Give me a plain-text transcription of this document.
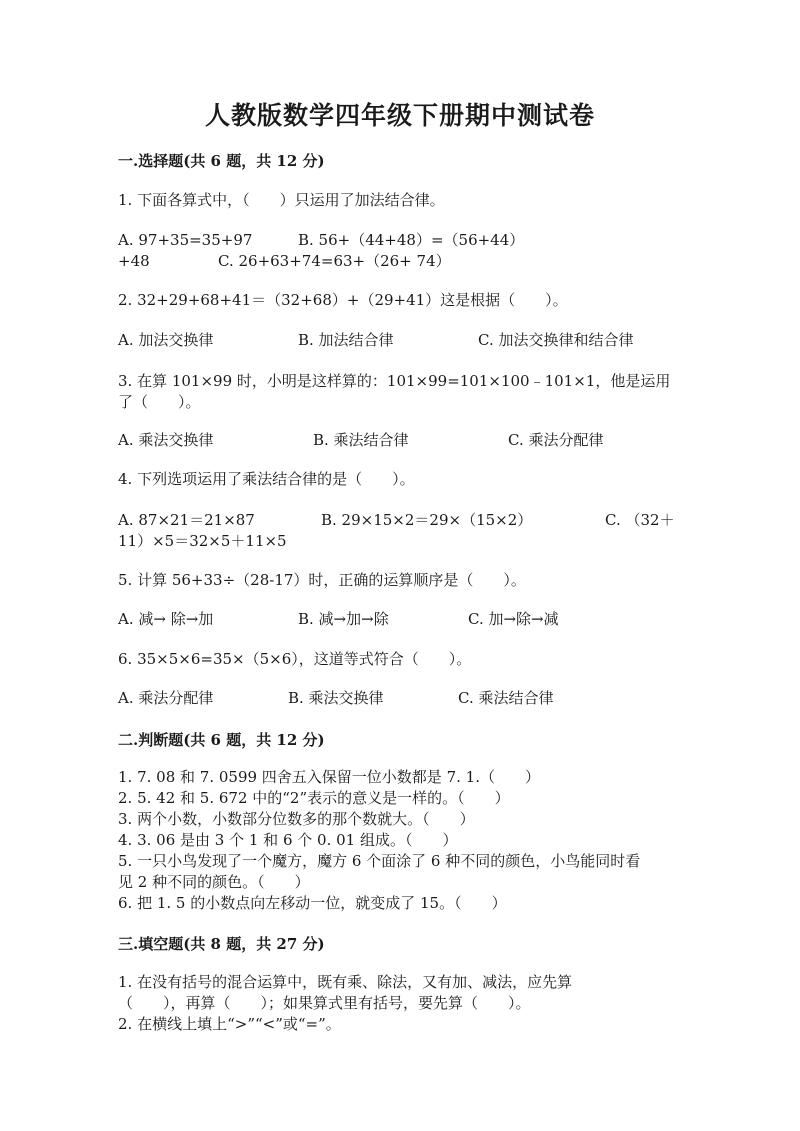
人教版数学四年级下册期中测试卷
一.选择题(共 6 题，共 12 分)
1. 下面各算式中，（　　）只运用了加法结合律。
A. 97+35=35+97	B. 56+（44+48）=（56+44）
+48	C. 26+63+74=63+（26+ 74）
2. 32+29+68+41＝（32+68）+（29+41）这是根据（　　）。
A. 加法交换律	B. 加法结合律	C. 加法交换律和结合律
3. 在算 101×99 时，小明是这样算的：101×99=101×100﹣101×1，他是运用
了（　　）。
A. 乘法交换律	B. 乘法结合律	C. 乘法分配律
4. 下列选项运用了乘法结合律的是（　　）。
A. 87×21＝21×87	B. 29×15×2＝29×（15×2）	C. （32＋
11）×5＝32×5＋11×5
5. 计算 56+33÷（28-17）时，正确的运算顺序是（　　）。
A. 减→ 除→加	B. 减→加→除	C. 加→除→减
6. 35×5×6=35×（5×6），这道等式符合（　　）。
A. 乘法分配律	B. 乘法交换律	C. 乘法结合律
二.判断题(共 6 题，共 12 分)
1. 7. 08 和 7. 0599 四舍五入保留一位小数都是 7. 1.（　　）
2. 5. 42 和 5. 672 中的“2”表示的意义是一样的。（　　）
3. 两个小数，小数部分位数多的那个数就大。（　　）
4. 3. 06 是由 3 个 1 和 6 个 0. 01 组成。（　　）
5. 一只小鸟发现了一个魔方，魔方 6 个面涂了 6 种不同的颜色，小鸟能同时看
见 2 种不同的颜色。（　　）
6. 把 1. 5 的小数点向左移动一位，就变成了 15。（　　）
三.填空题(共 8 题，共 27 分)
1. 在没有括号的混合运算中，既有乘、除法，又有加、减法，应先算
（　　），再算（　　）；如果算式里有括号，要先算（　　）。
2. 在横线上填上“>”“<”或“=”。
